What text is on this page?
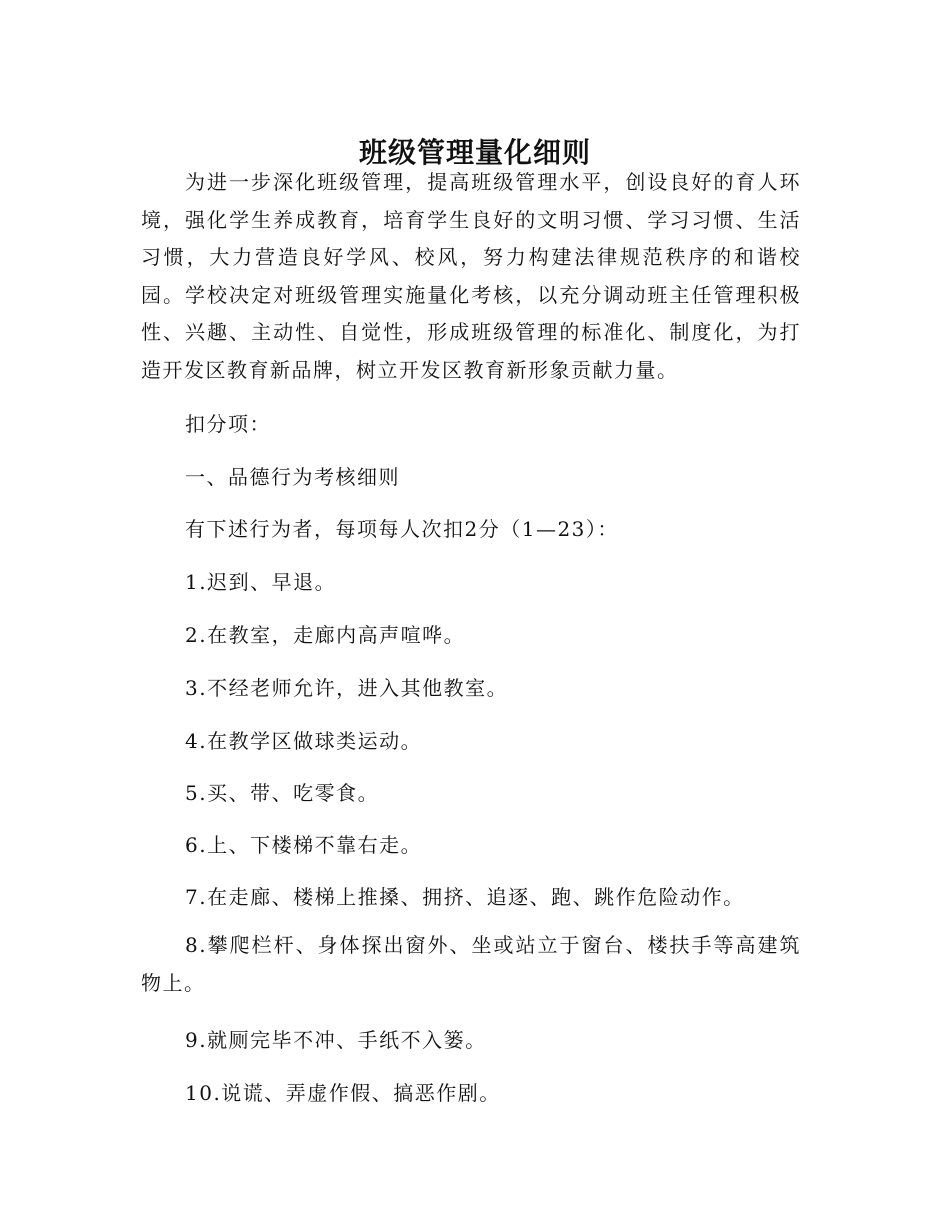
班级管理量化细则

为进一步深化班级管理，提高班级管理水平，创设良好的育人环境，强化学生养成教育，培育学生良好的文明习惯、学习习惯、生活习惯，大力营造良好学风、校风，努力构建法律规范秩序的和谐校园。学校决定对班级管理实施量化考核，以充分调动班主任管理积极性、兴趣、主动性、自觉性，形成班级管理的标准化、制度化，为打造开发区教育新品牌，树立开发区教育新形象贡献力量。

扣分项：

一、品德行为考核细则

有下述行为者，每项每人次扣2分（1—23）：

1.迟到、早退。

2.在教室，走廊内高声喧哗。

3.不经老师允许，进入其他教室。

4.在教学区做球类运动。

5.买、带、吃零食。

6.上、下楼梯不靠右走。

7.在走廊、楼梯上推搡、拥挤、追逐、跑、跳作危险动作。

8.攀爬栏杆、身体探出窗外、坐或站立于窗台、楼扶手等高建筑物上。

9.就厕完毕不冲、手纸不入篓。

10.说谎、弄虚作假、搞恶作剧。
